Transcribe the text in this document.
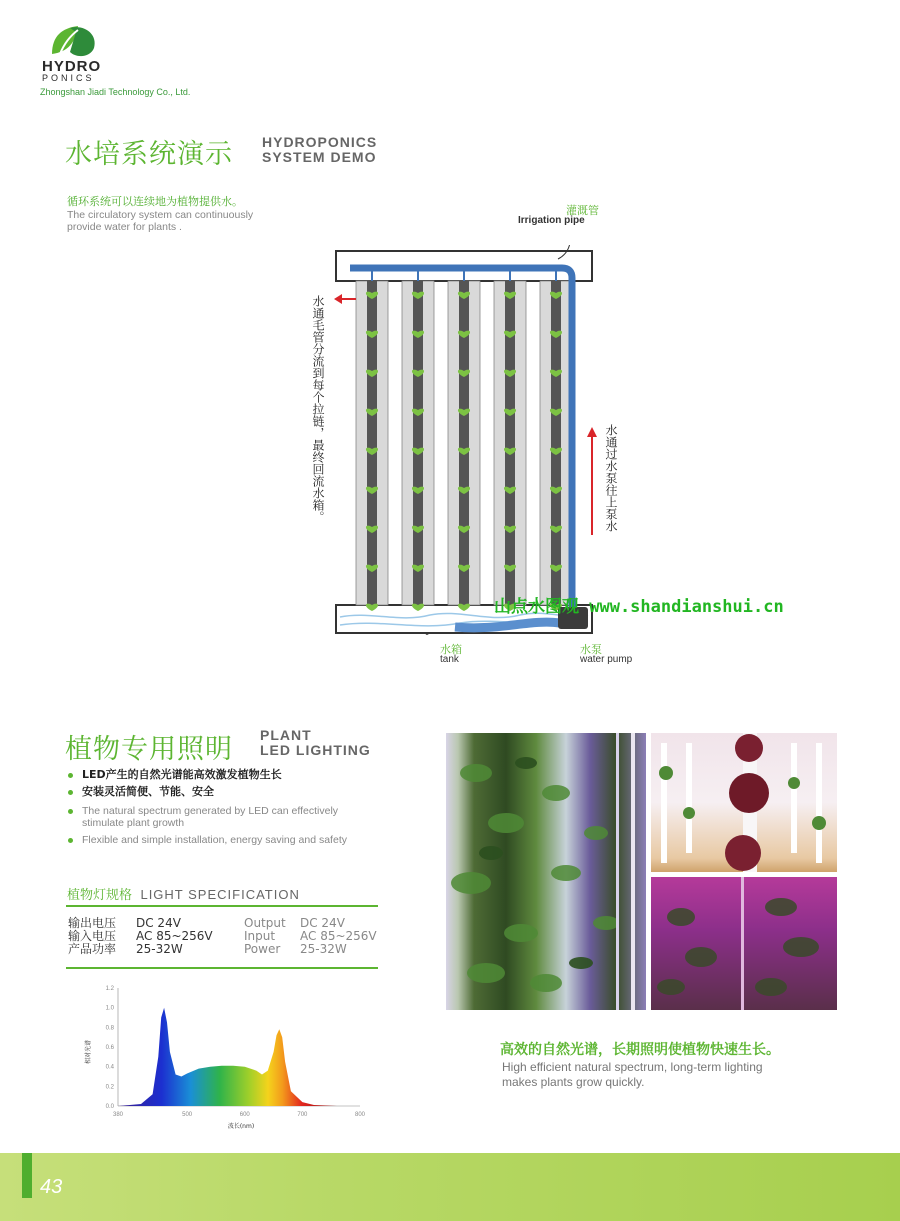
HYDRO
PONICS
Zhongshan Jiadi Technology Co., Ltd.
水培系统演示 HYDROPONICS
SYSTEM DEMO
循环系统可以连续地为植物提供水。
The circulatory system can continuously
provide water for plants .
灌溉管
Irrigation pipe
水通毛管分流到每个拉链，最终回流水箱。	水通过水泵往上泵水
水箱
tank
水泵
water pump
山点水图观 www.shandianshui.cn
植物专用照明 PLANT
LED LIGHTING
LED产生的自然光谱能高效激发植物生长
安装灵活简便、节能、安全
The natural spectrum generated by LED can effectively stimulate plant growth
Flexible and simple installation, energy saving and safety
植物灯规格 LIGHT SPECIFICATION
输出电压	DC 24V	Output	DC 24V
输入电压	AC 85~256V	Input	AC 85~256V
产品功率	25-32W	Power	25-32W
0.0
0.2
0.4
0.6
0.8
1.0
1.2
380	500	600	700	800
相对光谱
波长(nm)
高效的自然光谱，长期照明使植物快速生长。
High efficient natural spectrum, long-term lighting
makes plants grow quickly.
43
